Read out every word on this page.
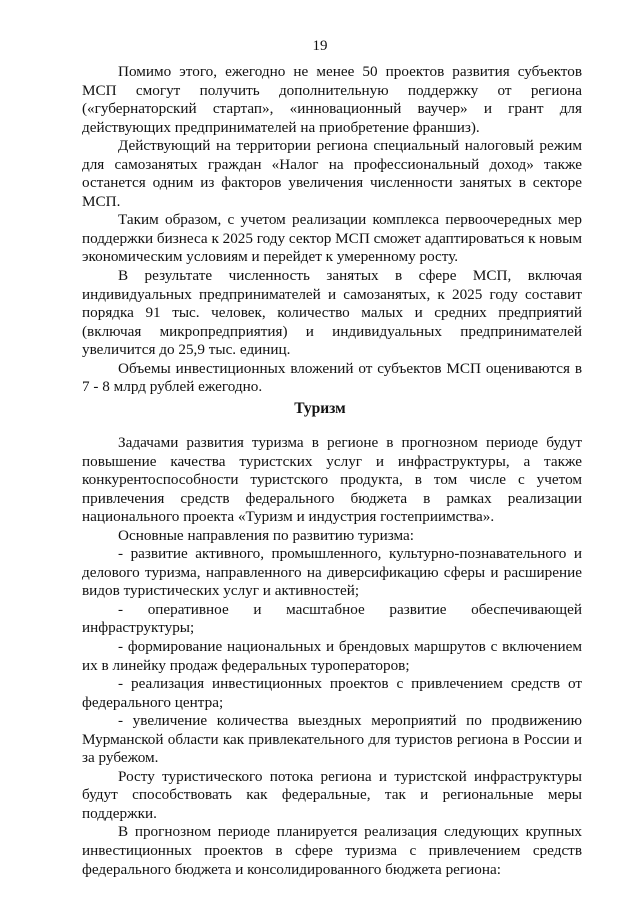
19

Помимо этого, ежегодно не менее 50 проектов развития субъектов МСП смогут получить дополнительную поддержку от региона («губернаторский стартап», «инновационный ваучер» и грант для действующих предпринимателей на приобретение франшиз).

Действующий на территории региона специальный налоговый режим для самозанятых граждан «Налог на профессиональный доход» также останется одним из факторов увеличения численности занятых в секторе МСП.

Таким образом, с учетом реализации комплекса первоочередных мер поддержки бизнеса к 2025 году сектор МСП сможет адаптироваться к новым экономическим условиям и перейдет к умеренному росту.

В результате численность занятых в сфере МСП, включая индивидуальных предпринимателей и самозанятых, к 2025 году составит порядка 91 тыс. человек, количество малых и средних предприятий (включая микропредприятия) и индивидуальных предпринимателей увеличится до 25,9 тыс. единиц.

Объемы инвестиционных вложений от субъектов МСП оцениваются в 7 - 8 млрд рублей ежегодно.

Туризм

Задачами развития туризма в регионе в прогнозном периоде будут повышение качества туристских услуг и инфраструктуры, а также конкурентоспособности туристского продукта, в том числе с учетом привлечения средств федерального бюджета в рамках реализации национального проекта «Туризм и индустрия гостеприимства».

Основные направления по развитию туризма:

- развитие активного, промышленного, культурно-познавательного и делового туризма, направленного на диверсификацию сферы и расширение видов туристических услуг и активностей;

- оперативное и масштабное развитие обеспечивающей инфраструктуры;

- формирование национальных и брендовых маршрутов с включением их в линейку продаж федеральных туроператоров;

- реализация инвестиционных проектов с привлечением средств от федерального центра;

- увеличение количества выездных мероприятий по продвижению Мурманской области как привлекательного для туристов региона в России и за рубежом.

Росту туристического потока региона и туристской инфраструктуры будут способствовать как федеральные, так и региональные меры поддержки.

В прогнозном периоде планируется реализация следующих крупных инвестиционных проектов в сфере туризма с привлечением средств федерального бюджета и консолидированного бюджета региона:
